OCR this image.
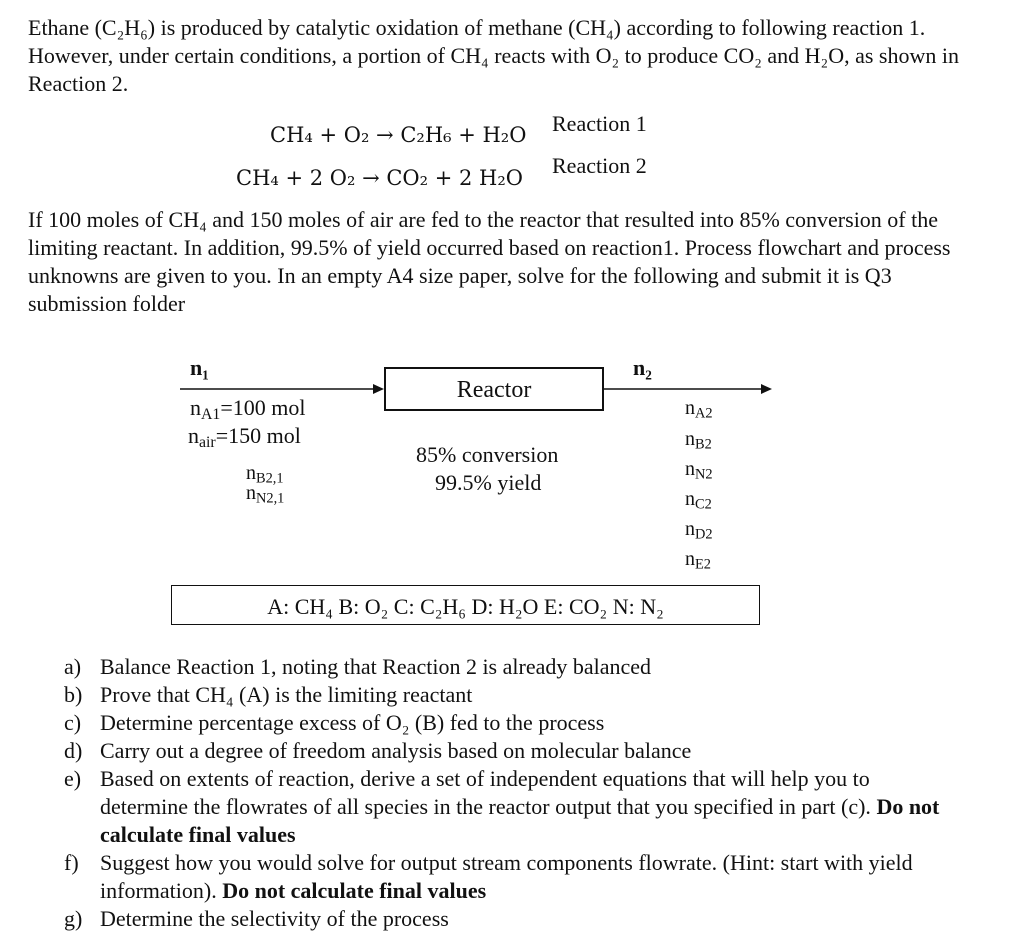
Ethane (C₂H₆) is produced by catalytic oxidation of methane (CH₄) according to following reaction 1. However, under certain conditions, a portion of CH₄ reacts with O₂ to produce CO₂ and H₂O, as shown in Reaction 2.
CH₄ + O₂ → C₂H₆ + H₂O Reaction 1
CH₄ + 2 O₂ → CO₂ + 2 H₂O Reaction 2
If 100 moles of CH₄ and 150 moles of air are fed to the reactor that resulted into 85% conversion of the limiting reactant. In addition, 99.5% of yield occurred based on reaction1. Process flowchart and process unknowns are given to you. In an empty A4 size paper, solve for the following and submit it is Q3 submission folder
n₁	n₂
Reactor
$n_{A1}=100$ mol
$n_{air}=150$ mol
$n_{B2,1}$
$n_{N2,1}$
85% conversion
99.5% yield
$n_{A2}$
$n_{B2}$
$n_{N2}$
$n_{C2}$
$n_{D2}$
$n_{E2}$
A: CH₄ B: O₂ C: C₂H₆ D: H₂O E: CO₂ N: N₂
a) Balance Reaction 1, noting that Reaction 2 is already balanced
b) Prove that CH₄ (A) is the limiting reactant
c) Determine percentage excess of O₂ (B) fed to the process
d) Carry out a degree of freedom analysis based on molecular balance
e) Based on extents of reaction, derive a set of independent equations that will help you to determine the flowrates of all species in the reactor output that you specified in part (c). Do not calculate final values
f) Suggest how you would solve for output stream components flowrate. (Hint: start with yield information). Do not calculate final values
g) Determine the selectivity of the process
